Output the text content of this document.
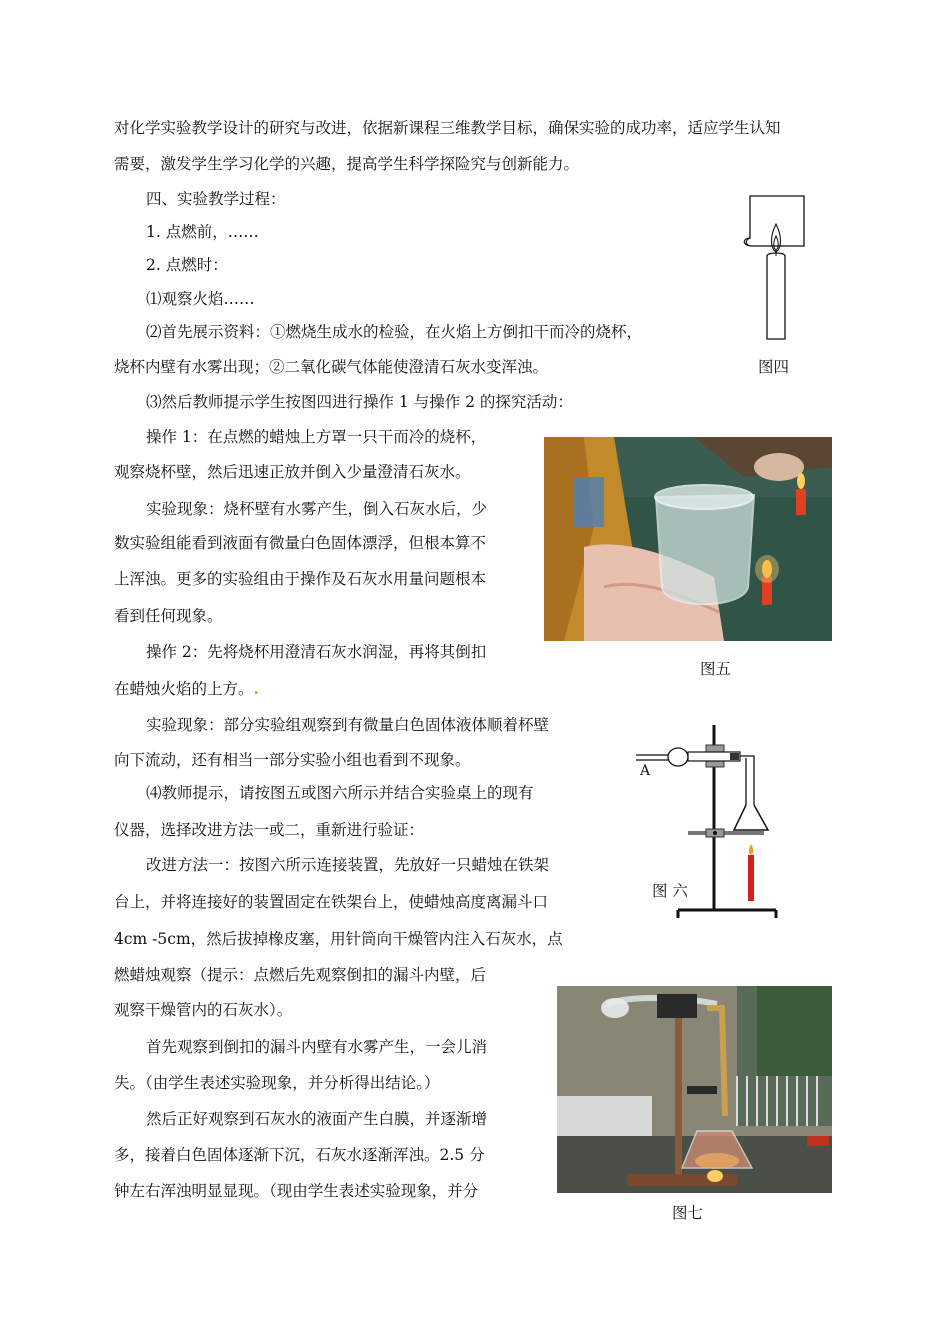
对化学实验教学设计的研究与改进，依据新课程三维教学目标，确保实验的成功率，适应学生认知
需要，激发学生学习化学的兴趣，提高学生科学探险究与创新能力。
四、实验教学过程：
1. 点燃前，……
2. 点燃时：
⑴观察火焰……
⑵首先展示资料：①燃烧生成水的检验，在火焰上方倒扣干而冷的烧杯，
烧杯内壁有水雾出现；②二氧化碳气体能使澄清石灰水变浑浊。
⑶然后教师提示学生按图四进行操作 1 与操作 2 的探究活动：
操作 1：在点燃的蜡烛上方罩一只干而冷的烧杯，
观察烧杯壁，然后迅速正放并倒入少量澄清石灰水。
实验现象：烧杯壁有水雾产生，倒入石灰水后，少
数实验组能看到液面有微量白色固体漂浮，但根本算不
上浑浊。更多的实验组由于操作及石灰水用量问题根本
看到任何现象。
操作 2：先将烧杯用澄清石灰水润湿，再将其倒扣
在蜡烛火焰的上方。.
实验现象：部分实验组观察到有微量白色固体液体顺着杯壁
向下流动，还有相当一部分实验小组也看到不现象。
⑷教师提示，请按图五或图六所示并结合实验桌上的现有
仪器，选择改进方法一或二，重新进行验证：
改进方法一：按图六所示连接装置，先放好一只蜡烛在铁架
台上，并将连接好的装置固定在铁架台上，使蜡烛高度离漏斗口
4cm -5cm，然后拔掉橡皮塞，用针筒向干燥管内注入石灰水，点
燃蜡烛观察（提示：点燃后先观察倒扣的漏斗内壁，后
观察干燥管内的石灰水）。
首先观察到倒扣的漏斗内壁有水雾产生，一会儿消
失。（由学生表述实验现象，并分析得出结论。）
然后正好观察到石灰水的液面产生白膜，并逐渐增
多，接着白色固体逐渐下沉，石灰水逐渐浑浊。2.5 分
钟左右浑浊明显显现。（现由学生表述实验现象，并分
图四
图五
A
图 六
图七
